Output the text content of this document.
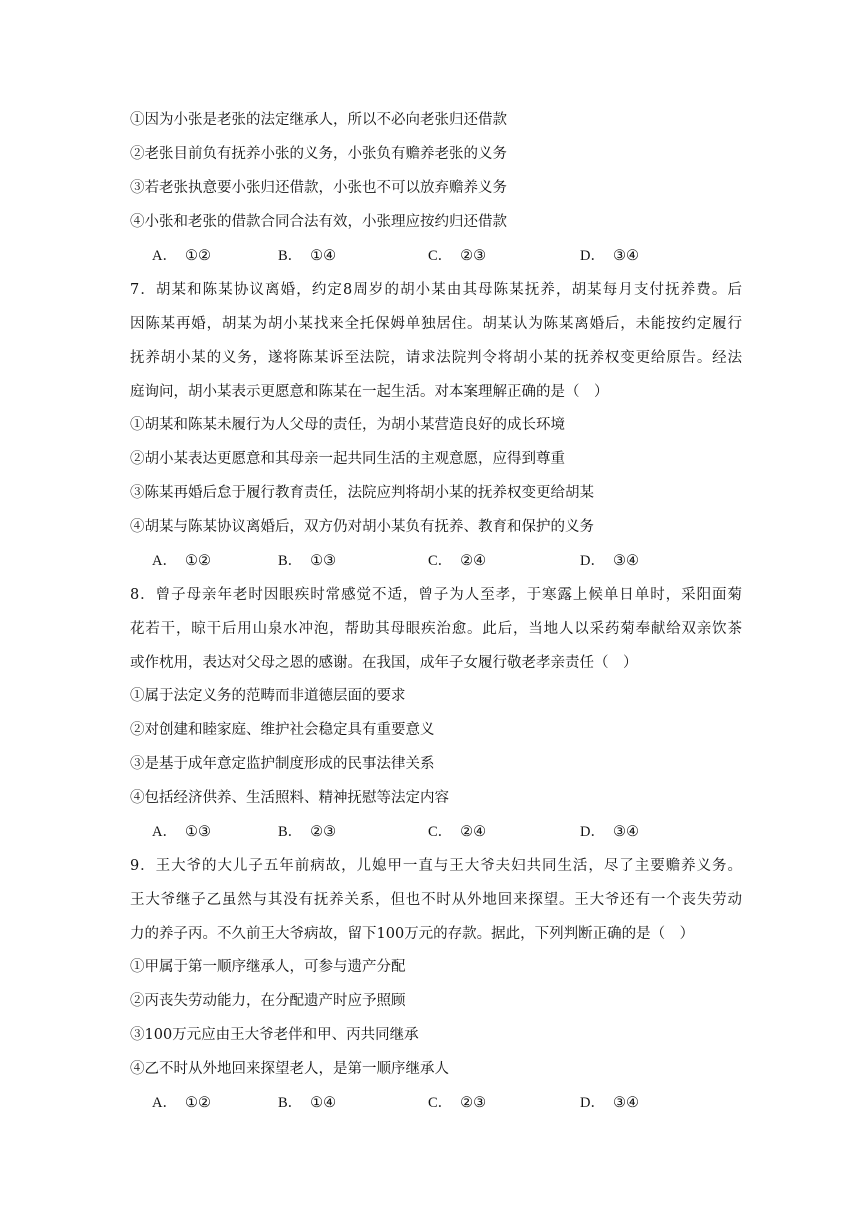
①因为小张是老张的法定继承人，所以不必向老张归还借款
②老张目前负有抚养小张的义务，小张负有赡养老张的义务
③若老张执意要小张归还借款，小张也不可以放弃赡养义务
④小张和老张的借款合同合法有效，小张理应按约归还借款
A． ①②	B． ①④	C． ②③	D． ③④
7．胡某和陈某协议离婚，约定8周岁的胡小某由其母陈某抚养，胡某每月支付抚养费。后
因陈某再婚，胡某为胡小某找来全托保姆单独居住。胡某认为陈某离婚后，未能按约定履行
抚养胡小某的义务，遂将陈某诉至法院，请求法院判令将胡小某的抚养权变更给原告。经法
庭询问，胡小某表示更愿意和陈某在一起生活。对本案理解正确的是（　）
①胡某和陈某未履行为人父母的责任，为胡小某营造良好的成长环境
②胡小某表达更愿意和其母亲一起共同生活的主观意愿，应得到尊重
③陈某再婚后怠于履行教育责任，法院应判将胡小某的抚养权变更给胡某
④胡某与陈某协议离婚后，双方仍对胡小某负有抚养、教育和保护的义务
A． ①②	B． ①③	C． ②④	D． ③④
8．曾子母亲年老时因眼疾时常感觉不适，曾子为人至孝，于寒露上候单日单时，采阳面菊
花若干，晾干后用山泉水冲泡，帮助其母眼疾治愈。此后，当地人以采药菊奉献给双亲饮茶
或作枕用，表达对父母之恩的感谢。在我国，成年子女履行敬老孝亲责任（　）
①属于法定义务的范畴而非道德层面的要求
②对创建和睦家庭、维护社会稳定具有重要意义
③是基于成年意定监护制度形成的民事法律关系
④包括经济供养、生活照料、精神抚慰等法定内容
A． ①③	B． ②③	C． ②④	D． ③④
9．王大爷的大儿子五年前病故，儿媳甲一直与王大爷夫妇共同生活，尽了主要赡养义务。
王大爷继子乙虽然与其没有抚养关系，但也不时从外地回来探望。王大爷还有一个丧失劳动
力的养子丙。不久前王大爷病故，留下100万元的存款。据此，下列判断正确的是（　）
①甲属于第一顺序继承人，可参与遗产分配
②丙丧失劳动能力，在分配遗产时应予照顾
③100万元应由王大爷老伴和甲、丙共同继承
④乙不时从外地回来探望老人，是第一顺序继承人
A． ①②	B． ①④	C． ②③	D． ③④
